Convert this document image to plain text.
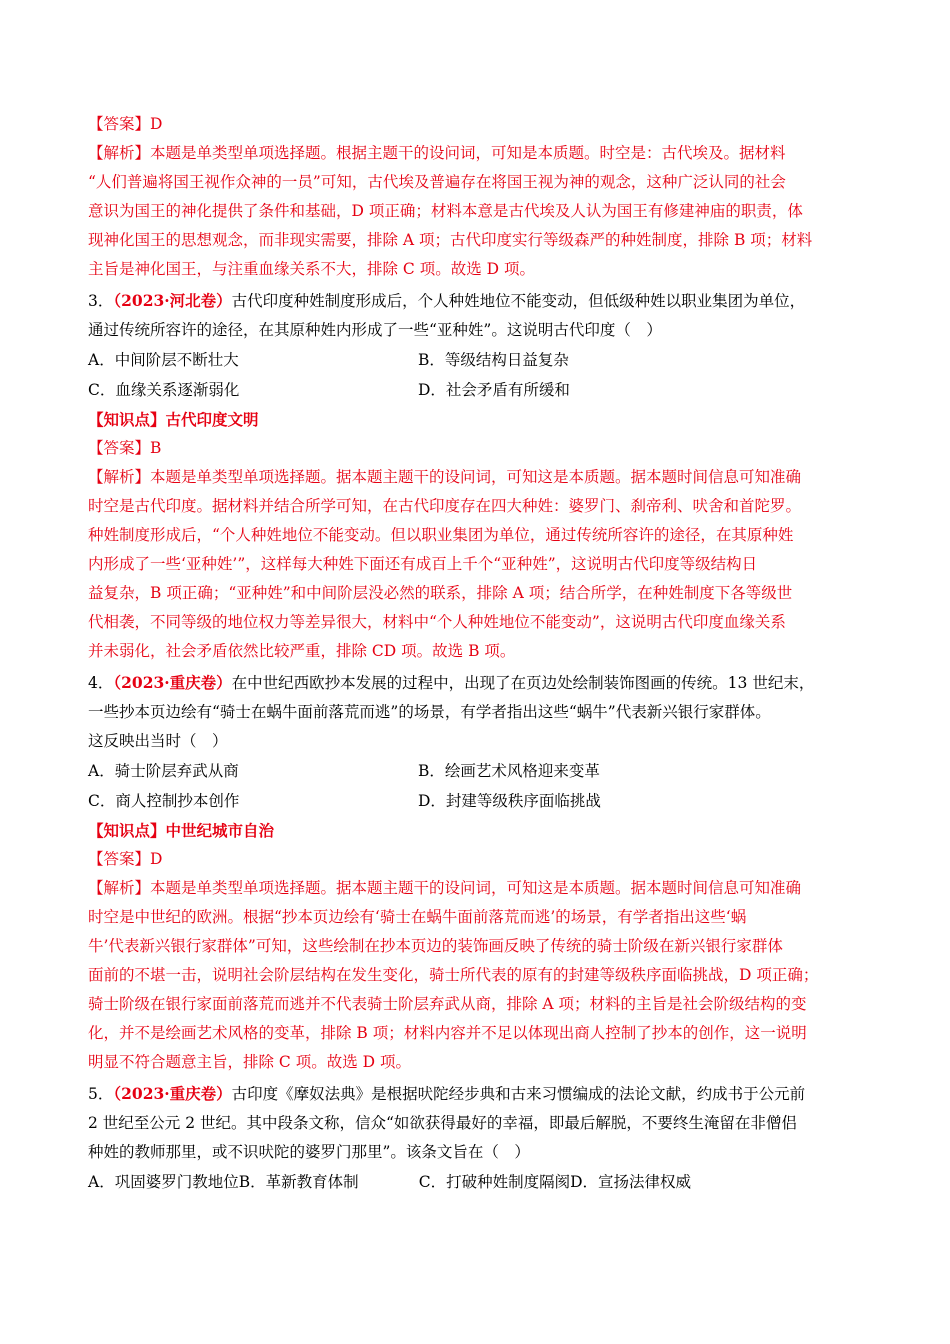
【答案】D
【解析】本题是单类型单项选择题。根据主题干的设问词，可知是本质题。时空是：古代埃及。据材料
“人们普遍将国王视作众神的一员”可知，古代埃及普遍存在将国王视为神的观念，这种广泛认同的社会
意识为国王的神化提供了条件和基础，D 项正确；材料本意是古代埃及人认为国王有修建神庙的职责，体
现神化国王的思想观念，而非现实需要，排除 A 项；古代印度实行等级森严的种姓制度，排除 B 项；材料
主旨是神化国王，与注重血缘关系不大，排除 C 项。故选 D 项。
3．（2023·河北卷）古代印度种姓制度形成后，个人种姓地位不能变动，但低级种姓以职业集团为单位，
通过传统所容许的途径，在其原种姓内形成了一些“亚种姓”。这说明古代印度（　）
A．中间阶层不断壮大	B．等级结构日益复杂
C．血缘关系逐渐弱化	D．社会矛盾有所缓和
【知识点】古代印度文明
【答案】B
【解析】本题是单类型单项选择题。据本题主题干的设问词，可知这是本质题。据本题时间信息可知准确
时空是古代印度。据材料并结合所学可知，在古代印度存在四大种姓：婆罗门、刹帝利、吠舍和首陀罗。
种姓制度形成后，“个人种姓地位不能变动。但以职业集团为单位，通过传统所容许的途径，在其原种姓
内形成了一些‘亚种姓’”，这样每大种姓下面还有成百上千个“亚种姓”，这说明古代印度等级结构日
益复杂，B 项正确；“亚种姓”和中间阶层没必然的联系，排除 A 项；结合所学，在种姓制度下各等级世
代相袭，不同等级的地位权力等差异很大，材料中“个人种姓地位不能变动”，这说明古代印度血缘关系
并未弱化，社会矛盾依然比较严重，排除 CD 项。故选 B 项。
4．（2023·重庆卷）在中世纪西欧抄本发展的过程中，出现了在页边处绘制装饰图画的传统。13 世纪末，
一些抄本页边绘有“骑士在蜗牛面前落荒而逃”的场景，有学者指出这些“蜗牛”代表新兴银行家群体。
这反映出当时（　）
A．骑士阶层弃武从商	B．绘画艺术风格迎来变革
C．商人控制抄本创作	D．封建等级秩序面临挑战
【知识点】中世纪城市自治
【答案】D
【解析】本题是单类型单项选择题。据本题主题干的设问词，可知这是本质题。据本题时间信息可知准确
时空是中世纪的欧洲。根据“抄本页边绘有‘骑士在蜗牛面前落荒而逃’的场景，有学者指出这些‘蜗
牛’代表新兴银行家群体”可知，这些绘制在抄本页边的装饰画反映了传统的骑士阶级在新兴银行家群体
面前的不堪一击，说明社会阶层结构在发生变化，骑士所代表的原有的封建等级秩序面临挑战，D 项正确；
骑士阶级在银行家面前落荒而逃并不代表骑士阶层弃武从商，排除 A 项；材料的主旨是社会阶级结构的变
化，并不是绘画艺术风格的变革，排除 B 项；材料内容并不足以体现出商人控制了抄本的创作，这一说明
明显不符合题意主旨，排除 C 项。故选 D 项。
5．（2023·重庆卷）古印度《摩奴法典》是根据吠陀经步典和古来习惯编成的法论文献，约成书于公元前
2 世纪至公元 2 世纪。其中段条文称，信众“如欲获得最好的幸福，即最后解脱，不要终生淹留在非僧侣
种姓的教师那里，或不识吠陀的婆罗门那里”。该条文旨在（　）
A．巩固婆罗门教地位 B．革新教育体制	C．打破种姓制度隔阂 D．宣扬法律权威
